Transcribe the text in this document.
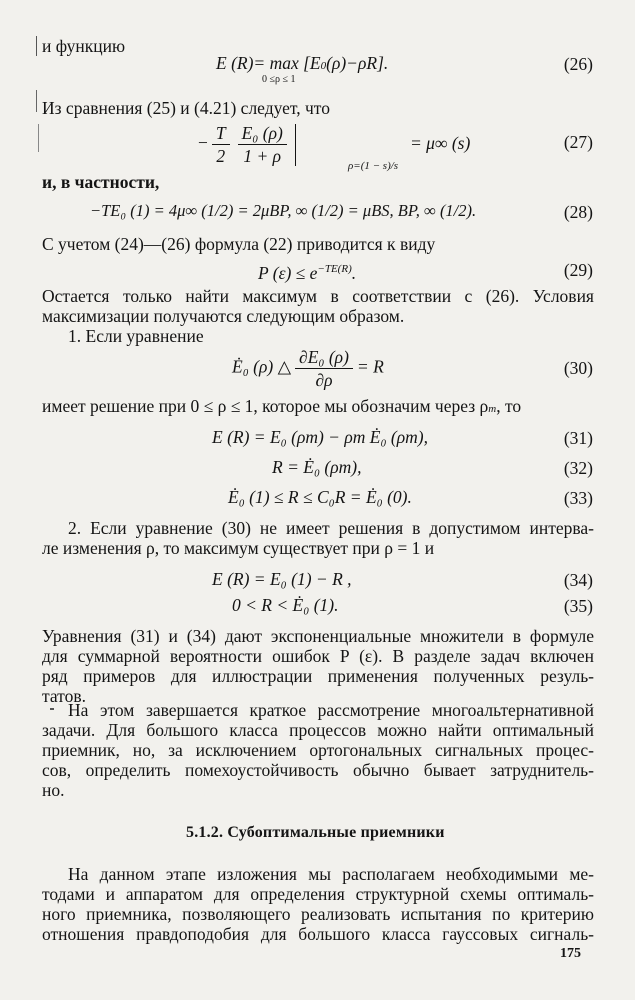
и функцию
E (R)= max [E0(ρ)−ρR].
0 ≤ρ ≤ 1
(26)
Из сравнения (25) и (4.21) следует, что
− $\frac{T}{2} \frac{\text{E₀ (ρ)}}{1 + \rho}$	ρ=(1 − s)/s
= μ∞ (s)	(27)
и, в частности,
−TE₀ (1) = 4μ∞ (1/2) = 2μBP, ∞ (1/2) = μBS, BP, ∞ (1/2).	(28)
С учетом (24)—(26) формула (22) приводится к виду
P $(\varepsilon) \le e^{-TE(R)}$.	(29)
Остается только найти максимум в соответствии с (26). Условия
максимизации получаются следующим образом.
1. Если уравнение
Ė₀ (ρ) △ $\frac{\text{∂E₀ (ρ)}}{\partial\rho} = R$	(30)
имеет решение при 0 ≤ ρ ≤ 1, которое мы обозначим через ρm, то
E (R) = E₀ (ρm) − ρm Ė₀ (ρm),	(31)
R = Ė₀ (ρm),	(32)
Ė₀ (1) ≤ R ≤ C₀R = Ė₀ (0).	(33)
2. Если уравнение (30) не имеет решения в допустимом интерва-
ле изменения ρ, то максимум существует при ρ = 1 и
E (R) = E₀ (1) − R ,	(34)
0 < R < Ė₀ (1).	(35)
Уравнения (31) и (34) дают экспоненциальные множители в формуле
для суммарной вероятности ошибок P (ε). В разделе задач включен
ряд примеров для иллюстрации применения полученных резуль-
татов.
На этом завершается краткое рассмотрение многоальтернативной
задачи. Для большого класса процессов можно найти оптимальный
приемник, но, за исключением ортогональных сигнальных процес-
сов, определить помехоустойчивость обычно бывает затруднитель-
но.
5.1.2. Субоптимальные приемники
На данном этапе изложения мы располагаем необходимыми ме-
тодами и аппаратом для определения структурной схемы оптималь-
ного приемника, позволяющего реализовать испытания по критерию
отношения правдоподобия для большого класса гауссовых сигналь-
175
